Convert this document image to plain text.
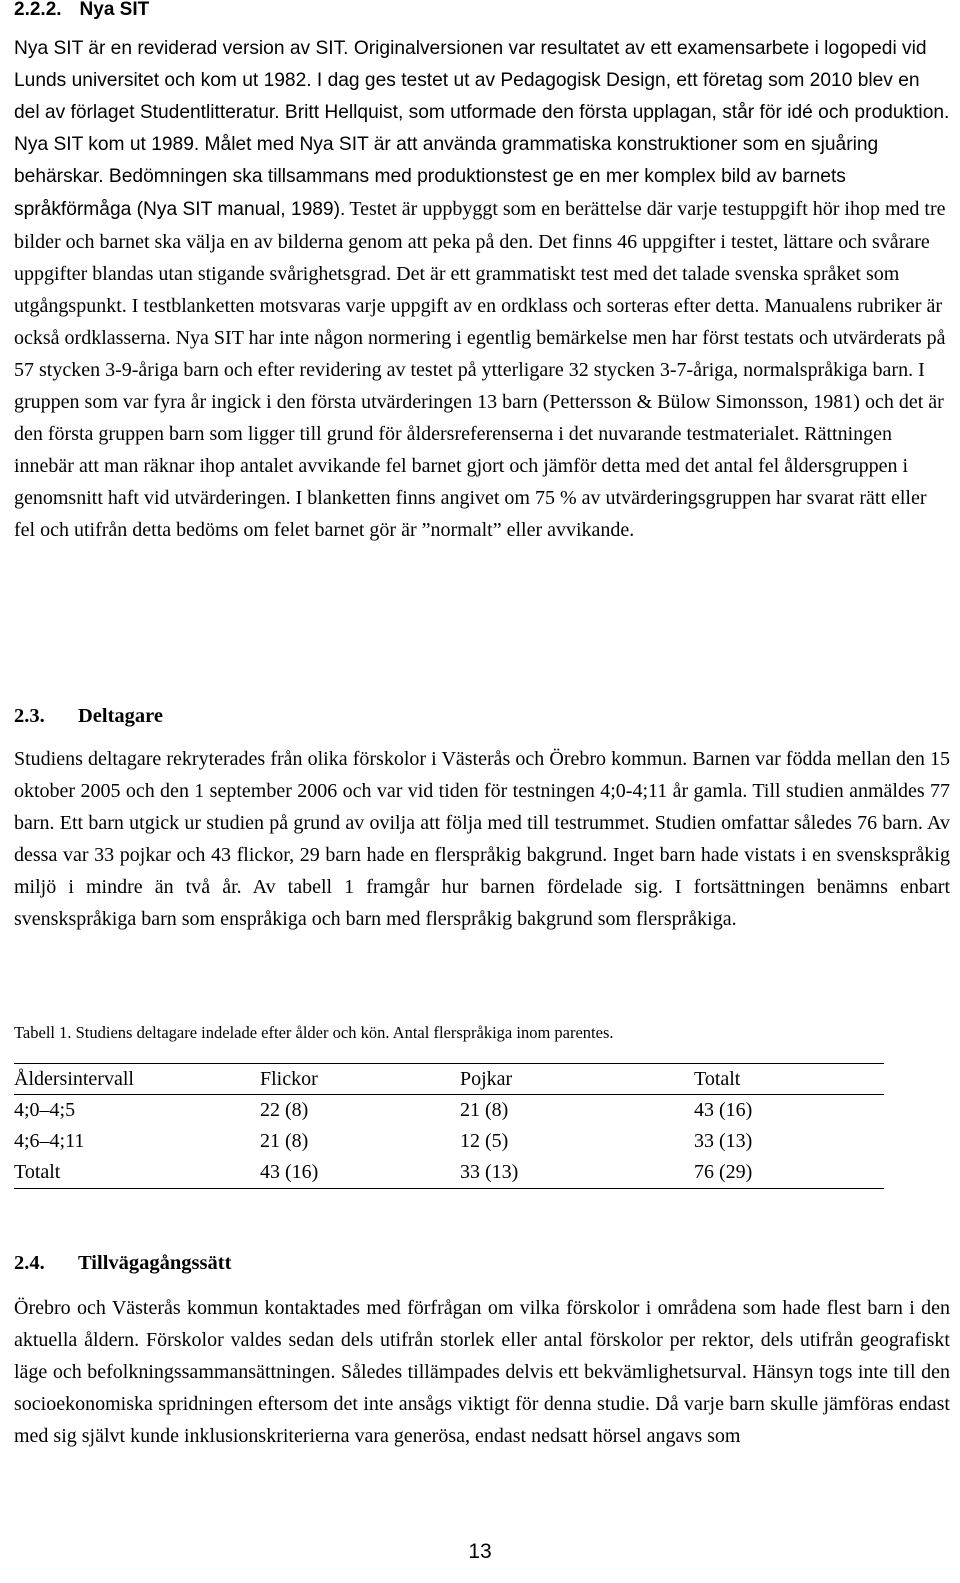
2.2.2. Nya SIT

Nya SIT är en reviderad version av SIT. Originalversionen var resultatet av ett examensarbete i logopedi vid Lunds universitet och kom ut 1982. I dag ges testet ut av Pedagogisk Design, ett företag som 2010 blev en del av förlaget Studentlitteratur. Britt Hellquist, som utformade den första upplagan, står för idé och produktion. Nya SIT kom ut 1989. Målet med Nya SIT är att använda grammatiska konstruktioner som en sjuåring behärskar. Bedömningen ska tillsammans med produktionstest ge en mer komplex bild av barnets språkförmåga (Nya SIT manual, 1989).

Testet är uppbyggt som en berättelse där varje testuppgift hör ihop med tre bilder och barnet ska välja en av bilderna genom att peka på den. Det finns 46 uppgifter i testet, lättare och svårare uppgifter blandas utan stigande svårighetsgrad. Det är ett grammatiskt test med det talade svenska språket som utgångspunkt. I testblanketten motsvaras varje uppgift av en ordklass och sorteras efter detta. Manualens rubriker är också ordklasserna. Nya SIT har inte någon normering i egentlig bemärkelse men har först testats och utvärderats på 57 stycken 3-9-åriga barn och efter revidering av testet på ytterligare 32 stycken 3-7-åriga, normalspråkiga barn. I gruppen som var fyra år ingick i den första utvärderingen 13 barn (Pettersson & Bülow Simonsson, 1981) och det är den första gruppen barn som ligger till grund för åldersreferenserna i det nuvarande testmaterialet. Rättningen innebär att man räknar ihop antalet avvikande fel barnet gjort och jämför detta med det antal fel åldersgruppen i genomsnitt haft vid utvärderingen. I blanketten finns angivet om 75 % av utvärderingsgruppen har svarat rätt eller fel och utifrån detta bedöms om felet barnet gör är ”normalt” eller avvikande.

2.3. Deltagare

Studiens deltagare rekryterades från olika förskolor i Västerås och Örebro kommun. Barnen var födda mellan den 15 oktober 2005 och den 1 september 2006 och var vid tiden för testningen 4;0-4;11 år gamla. Till studien anmäldes 77 barn. Ett barn utgick ur studien på grund av ovilja att följa med till testrummet. Studien omfattar således 76 barn. Av dessa var 33 pojkar och 43 flickor, 29 barn hade en flerspråkig bakgrund. Inget barn hade vistats i en svenskspråkig miljö i mindre än två år. Av tabell 1 framgår hur barnen fördelade sig. I fortsättningen benämns enbart svenskspråkiga barn som enspråkiga och barn med flerspråkig bakgrund som flerspråkiga.

Tabell 1. Studiens deltagare indelade efter ålder och kön. Antal flerspråkiga inom parentes.

Åldersintervall	Flickor	Pojkar	Totalt
4;0–4;5	22 (8)	21 (8)	43 (16)
4;6–4;11	21 (8)	12 (5)	33 (13)
Totalt	43 (16)	33 (13)	76 (29)
2.4. Tillvägagångssätt

Örebro och Västerås kommun kontaktades med förfrågan om vilka förskolor i områdena som hade flest barn i den aktuella åldern. Förskolor valdes sedan dels utifrån storlek eller antal förskolor per rektor, dels utifrån geografiskt läge och befolkningssammansättningen. Således tillämpades delvis ett bekvämlighetsurval. Hänsyn togs inte till den socioekonomiska spridningen eftersom det inte ansågs viktigt för denna studie. Då varje barn skulle jämföras endast med sig självt kunde inklusionskriterierna vara generösa, endast nedsatt hörsel angavs som

13
